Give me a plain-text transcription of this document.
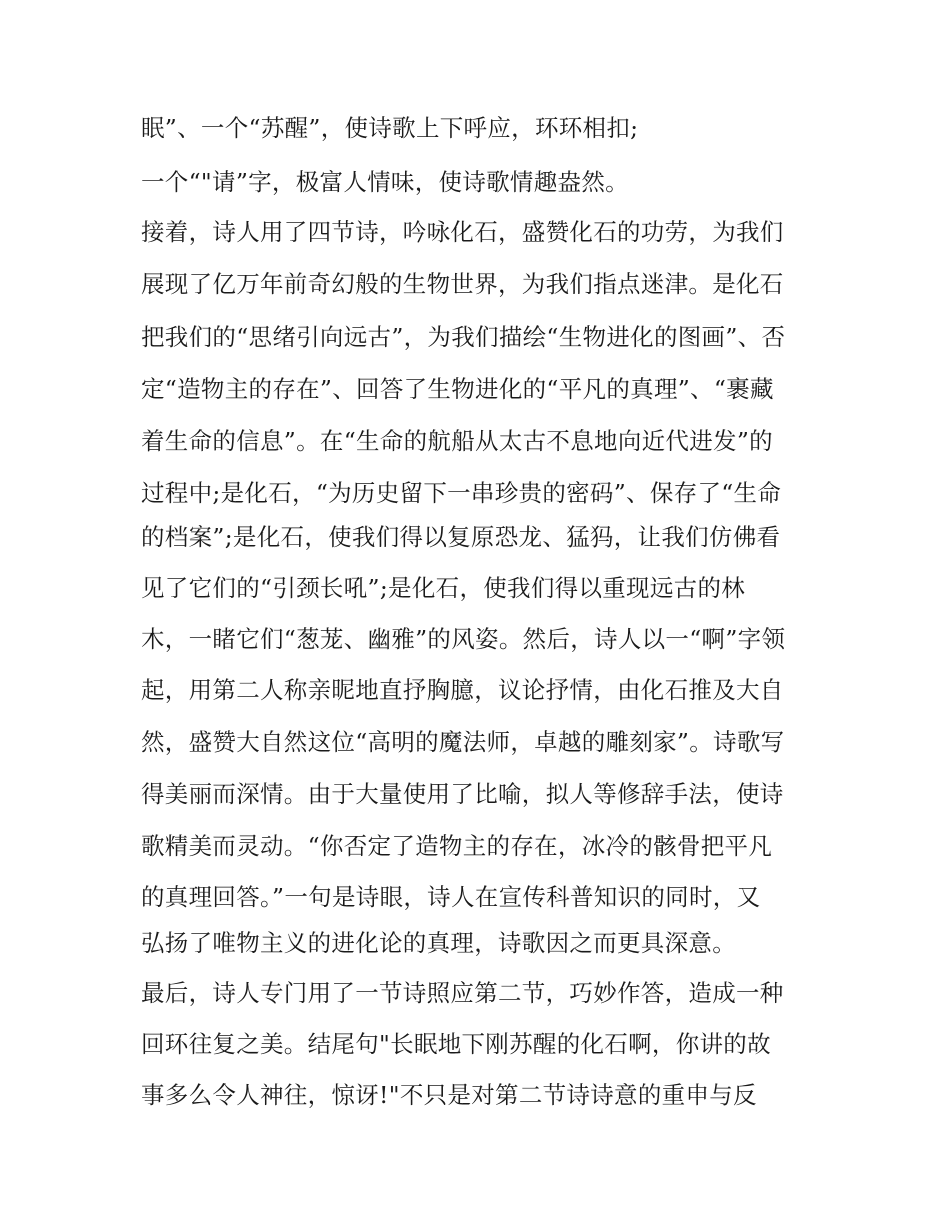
眠”、一个“苏醒”，使诗歌上下呼应，环环相扣;
一个“"请”字，极富人情味，使诗歌情趣盎然。
接着，诗人用了四节诗，吟咏化石，盛赞化石的功劳，为我们
展现了亿万年前奇幻般的生物世界，为我们指点迷津。是化石
把我们的“思绪引向远古”，为我们描绘“生物进化的图画”、否
定“造物主的存在”、回答了生物进化的“平凡的真理”、“裹藏
着生命的信息”。在“生命的航船从太古不息地向近代进发”的
过程中;是化石，“为历史留下一串珍贵的密码”、保存了“生命
的档案”;是化石，使我们得以复原恐龙、猛犸，让我们仿佛看
见了它们的“引颈长吼”;是化石，使我们得以重现远古的林
木，一睹它们“葱茏、幽雅”的风姿。然后，诗人以一“啊”字领
起，用第二人称亲昵地直抒胸臆，议论抒情，由化石推及大自
然，盛赞大自然这位“高明的魔法师，卓越的雕刻家”。诗歌写
得美丽而深情。由于大量使用了比喻，拟人等修辞手法，使诗
歌精美而灵动。“你否定了造物主的存在，冰冷的骸骨把平凡
的真理回答。”一句是诗眼，诗人在宣传科普知识的同时，又
弘扬了唯物主义的进化论的真理，诗歌因之而更具深意。
最后，诗人专门用了一节诗照应第二节，巧妙作答，造成一种
回环往复之美。结尾句"长眠地下刚苏醒的化石啊，你讲的故
事多么令人神往，惊讶!"不只是对第二节诗诗意的重申与反
